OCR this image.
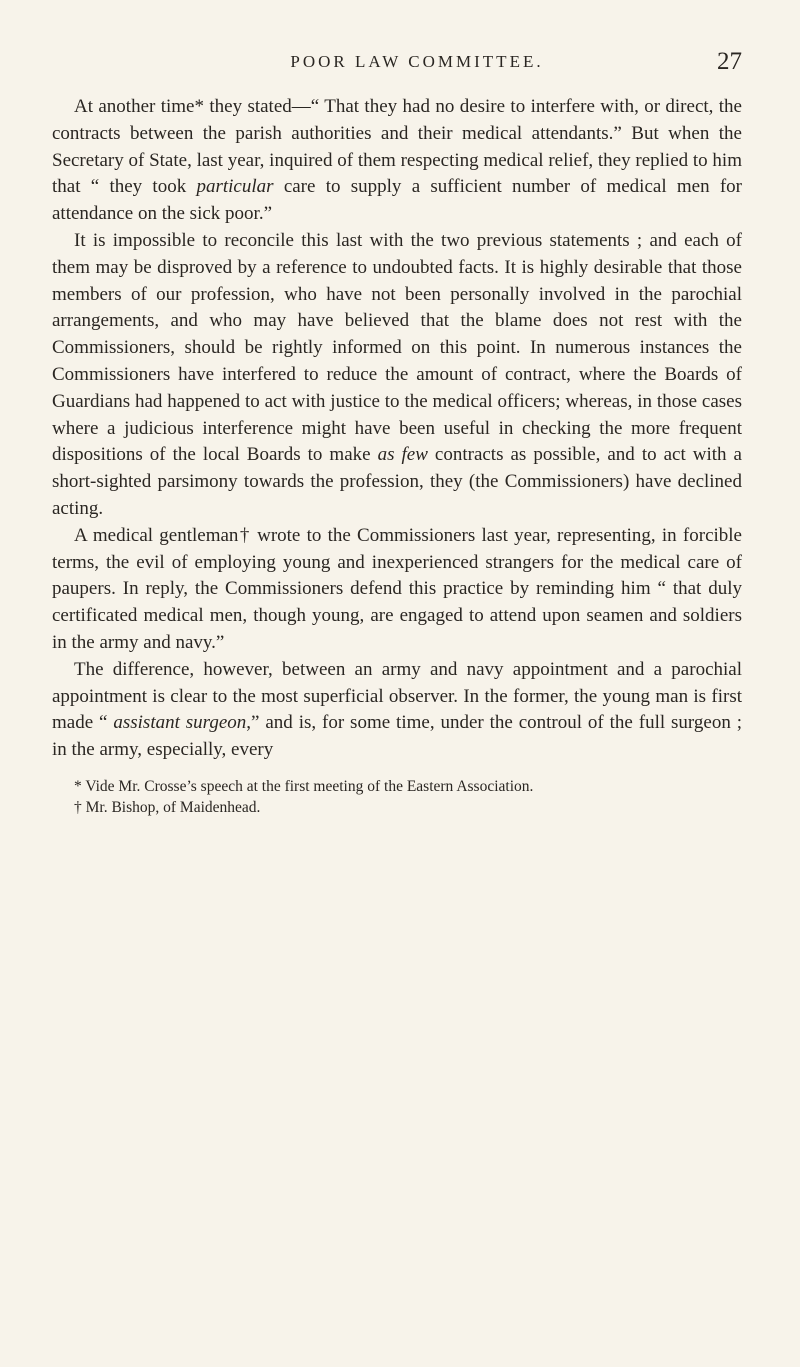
POOR LAW COMMITTEE.	27

At another time* they stated—“ That they had no desire to interfere with, or direct, the contracts between the parish authorities and their medical attendants.” But when the Secretary of State, last year, inquired of them respecting medical relief, they replied to him that “ they took particular care to supply a sufficient number of medical men for attendance on the sick poor.”

It is impossible to reconcile this last with the two previous statements ; and each of them may be disproved by a reference to undoubted facts. It is highly desirable that those members of our profession, who have not been personally involved in the parochial arrangements, and who may have believed that the blame does not rest with the Commissioners, should be rightly informed on this point. In numerous instances the Commissioners have interfered to reduce the amount of contract, where the Boards of Guardians had happened to act with justice to the medical officers; whereas, in those cases where a judicious interference might have been useful in checking the more frequent dispositions of the local Boards to make as few contracts as possible, and to act with a short-sighted parsimony towards the profession, they (the Commissioners) have declined acting.

A medical gentleman† wrote to the Commissioners last year, representing, in forcible terms, the evil of employing young and inexperienced strangers for the medical care of paupers. In reply, the Commissioners defend this practice by reminding him “ that duly certificated medical men, though young, are engaged to attend upon seamen and soldiers in the army and navy.”

The difference, however, between an army and navy appointment and a parochial appointment is clear to the most superficial observer. In the former, the young man is first made “ assistant surgeon,” and is, for some time, under the controul of the full surgeon ; in the army, especially, every

* Vide Mr. Crosse’s speech at the first meeting of the Eastern Association.

† Mr. Bishop, of Maidenhead.
